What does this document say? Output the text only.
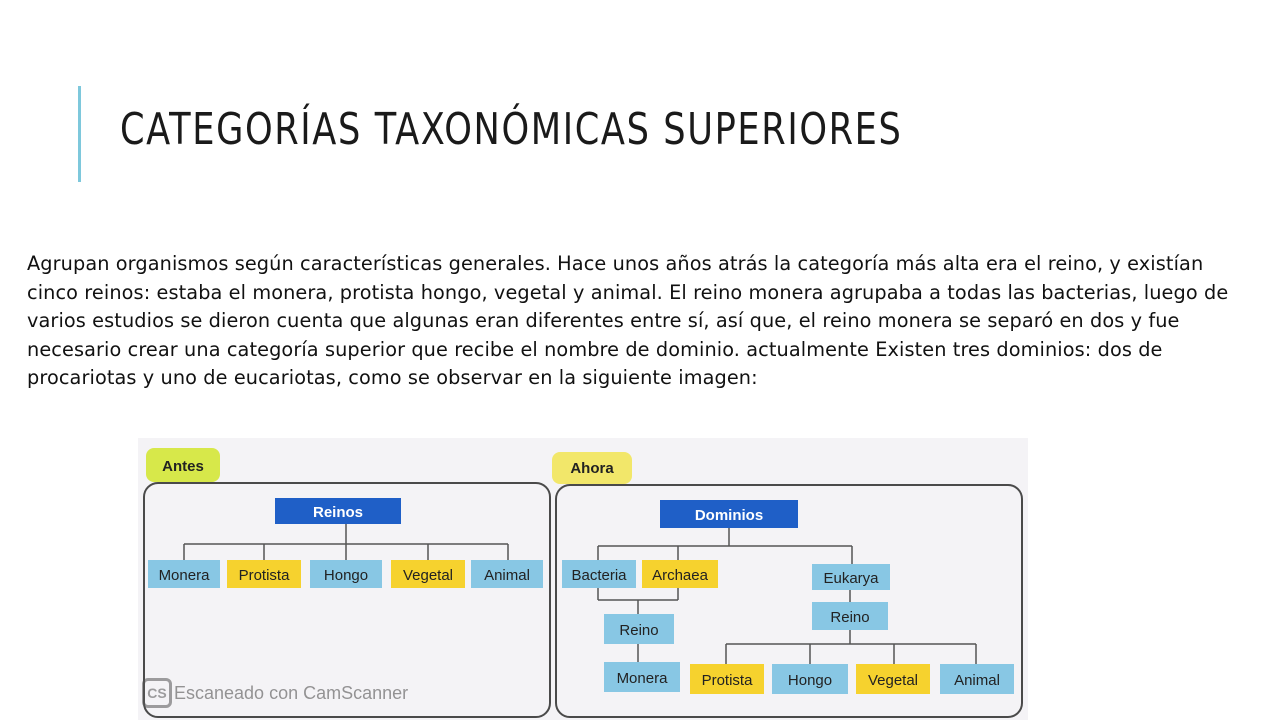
CATEGORÍAS TAXONÓMICAS SUPERIORES

Agrupan organismos según características generales. Hace unos años atrás la categoría más alta era el reino, y existían cinco reinos: estaba el monera, protista hongo, vegetal y animal. El reino monera agrupaba a todas las bacterias, luego de varios estudios se dieron cuenta que algunas eran diferentes entre sí, así que, el reino monera se separó en dos y fue necesario crear una categoría superior que recibe el nombre de dominio. actualmente Existen tres dominios: dos de procariotas y uno de eucariotas, como se observar en la siguiente imagen:

Antes
Reinos
Monera Protista Hongo Vegetal Animal
Ahora
Dominios
Bacteria Archaea	Eukarya
Reino
Monera
Reino
Protista Hongo Vegetal Animal
CS Escaneado con CamScanner
